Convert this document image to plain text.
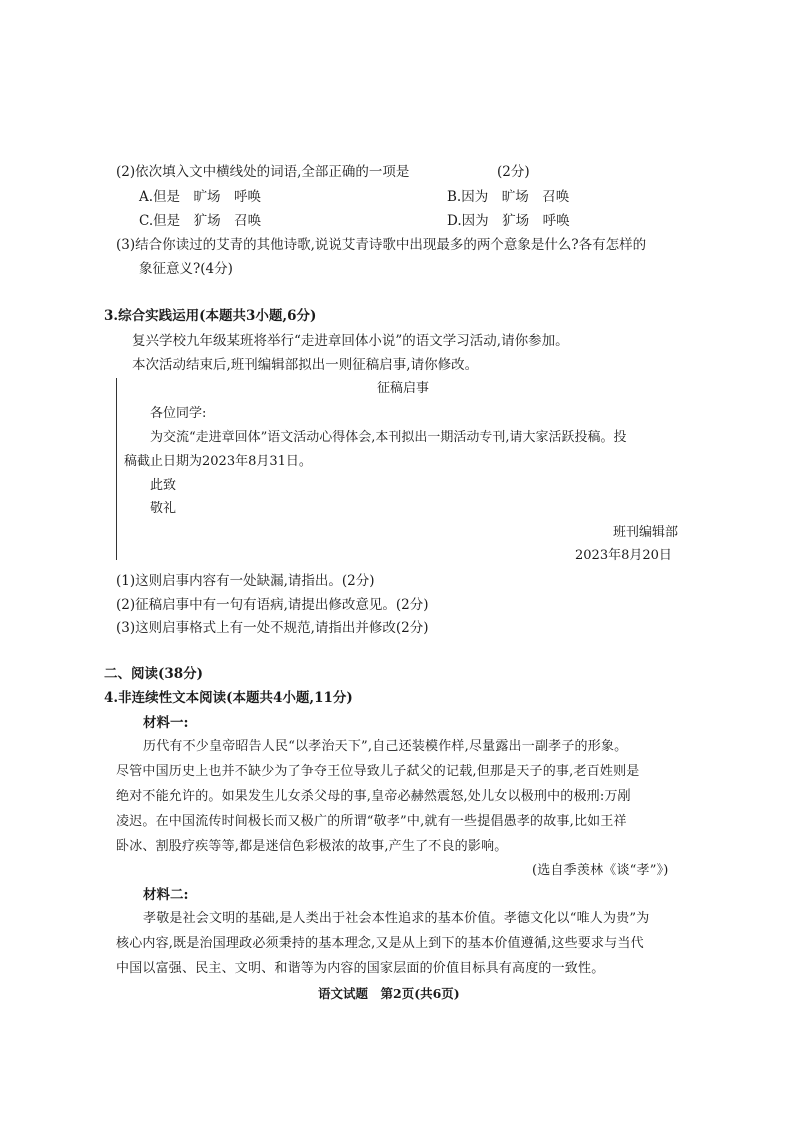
(2)依次填入文中横线处的词语,全部正确的一项是	(2分)
A.但是　旷场　呼唤	B.因为　旷场　召唤
C.但是　犷场　召唤	D.因为　犷场　呼唤
(3)结合你读过的艾青的其他诗歌,说说艾青诗歌中出现最多的两个意象是什么?各有怎样的
象征意义?(4分)
3.综合实践运用(本题共3小题,6分)
复兴学校九年级某班将举行“走进章回体小说”的语文学习活动,请你参加。
本次活动结束后,班刊编辑部拟出一则征稿启事,请你修改。
征稿启事
各位同学:
为交流“走进章回体”语文活动心得体会,本刊拟出一期活动专刊,请大家活跃投稿。投
稿截止日期为2023年8月31日。
此致
敬礼
班刊编辑部
2023年8月20日
(1)这则启事内容有一处缺漏,请指出。(2分)
(2)征稿启事中有一句有语病,请提出修改意见。(2分)
(3)这则启事格式上有一处不规范,请指出并修改(2分)
二、阅读(38分)
4.非连续性文本阅读(本题共4小题,11分)
材料一:
历代有不少皇帝昭告人民“以孝治天下”,自己还装模作样,尽量露出一副孝子的形象。
尽管中国历史上也并不缺少为了争夺王位导致儿子弑父的记载,但那是天子的事,老百姓则是
绝对不能允许的。如果发生儿女杀父母的事,皇帝必赫然震怒,处儿女以极刑中的极刑:万剐
凌迟。在中国流传时间极长而又极广的所谓“敬孝”中,就有一些提倡愚孝的故事,比如王祥
卧冰、割股疗疾等等,都是迷信色彩极浓的故事,产生了不良的影响。
(选自季羡林《谈“孝”》)
材料二:
孝敬是社会文明的基础,是人类出于社会本性追求的基本价值。孝德文化以“唯人为贵”为
核心内容,既是治国理政必须秉持的基本理念,又是从上到下的基本价值遵循,这些要求与当代
中国以富强、民主、文明、和谐等为内容的国家层面的价值目标具有高度的一致性。
语文试题　第2页(共6页)
